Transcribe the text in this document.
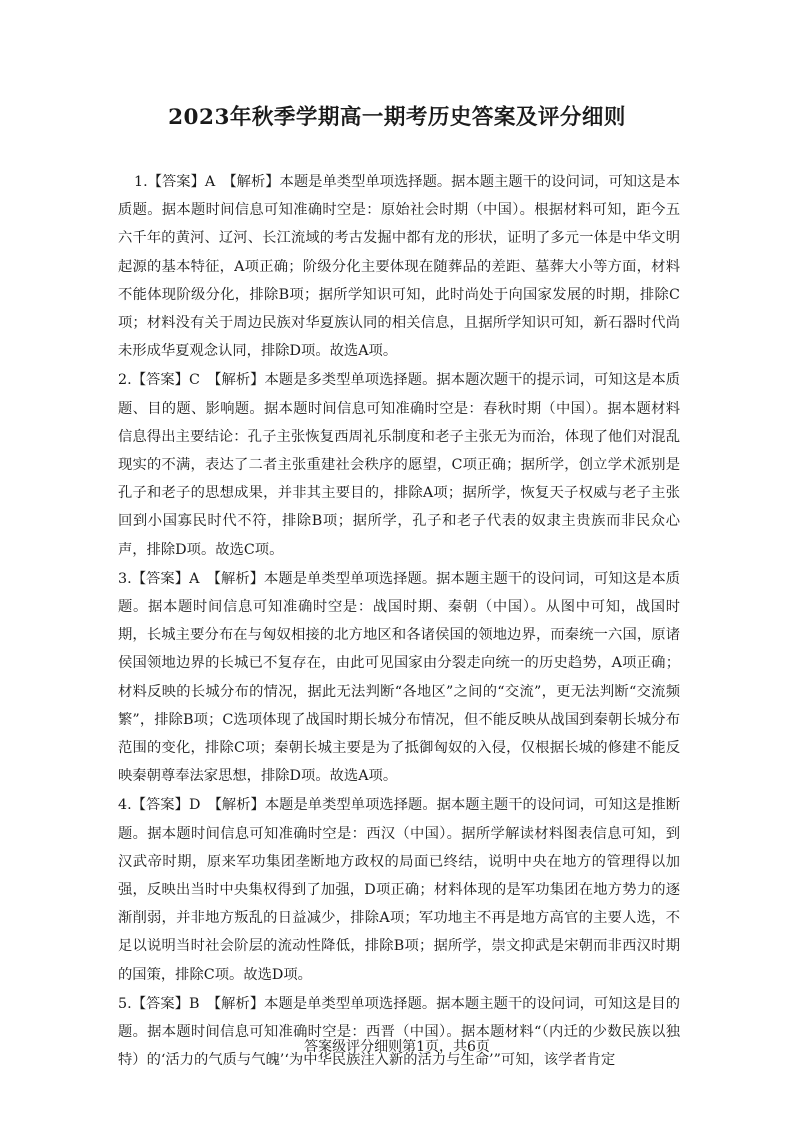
2023年秋季学期高一期考历史答案及评分细则
1.【答案】A　【解析】本题是单类型单项选择题。据本题主题干的设问词，可知这是本质题。据本题时间信息可知准确时空是：原始社会时期（中国）。根据材料可知，距今五六千年的黄河、辽河、长江流域的考古发掘中都有龙的形状，证明了多元一体是中华文明起源的基本特征，A项正确；阶级分化主要体现在随葬品的差距、墓葬大小等方面，材料不能体现阶级分化，排除B项；据所学知识可知，此时尚处于向国家发展的时期，排除C项；材料没有关于周边民族对华夏族认同的相关信息，且据所学知识可知，新石器时代尚未形成华夏观念认同，排除D项。故选A项。
2.【答案】C　【解析】本题是多类型单项选择题。据本题次题干的提示词，可知这是本质题、目的题、影响题。据本题时间信息可知准确时空是：春秋时期（中国）。据本题材料信息得出主要结论：孔子主张恢复西周礼乐制度和老子主张无为而治，体现了他们对混乱现实的不满，表达了二者主张重建社会秩序的愿望，C项正确；据所学，创立学术派别是孔子和老子的思想成果，并非其主要目的，排除A项；据所学，恢复天子权威与老子主张回到小国寡民时代不符，排除B项；据所学，孔子和老子代表的奴隶主贵族而非民众心声，排除D项。故选C项。
3.【答案】A　【解析】本题是单类型单项选择题。据本题主题干的设问词，可知这是本质题。据本题时间信息可知准确时空是：战国时期、秦朝（中国）。从图中可知，战国时期，长城主要分布在与匈奴相接的北方地区和各诸侯国的领地边界，而秦统一六国，原诸侯国领地边界的长城已不复存在，由此可见国家由分裂走向统一的历史趋势，A项正确；材料反映的长城分布的情况，据此无法判断“各地区”之间的“交流”，更无法判断“交流频繁”，排除B项；C选项体现了战国时期长城分布情况，但不能反映从战国到秦朝长城分布范围的变化，排除C项；秦朝长城主要是为了抵御匈奴的入侵，仅根据长城的修建不能反映秦朝尊奉法家思想，排除D项。故选A项。
4.【答案】D　【解析】本题是单类型单项选择题。据本题主题干的设问词，可知这是推断题。据本题时间信息可知准确时空是：西汉（中国）。据所学解读材料图表信息可知，到汉武帝时期，原来军功集团垄断地方政权的局面已终结，说明中央在地方的管理得以加强，反映出当时中央集权得到了加强，D项正确；材料体现的是军功集团在地方势力的逐渐削弱，并非地方叛乱的日益减少，排除A项；军功地主不再是地方高官的主要人选，不足以说明当时社会阶层的流动性降低，排除B项；据所学，崇文抑武是宋朝而非西汉时期的国策，排除C项。故选D项。
5.【答案】B　【解析】本题是单类型单项选择题。据本题主题干的设问词，可知这是目的题。据本题时间信息可知准确时空是：西晋（中国）。据本题材料“（内迁的少数民族以独特）的‘活力的气质与气魄’‘为中华民族注入新的活力与生命’”可知，该学者肯定
答案级评分细则第1页，共6页
